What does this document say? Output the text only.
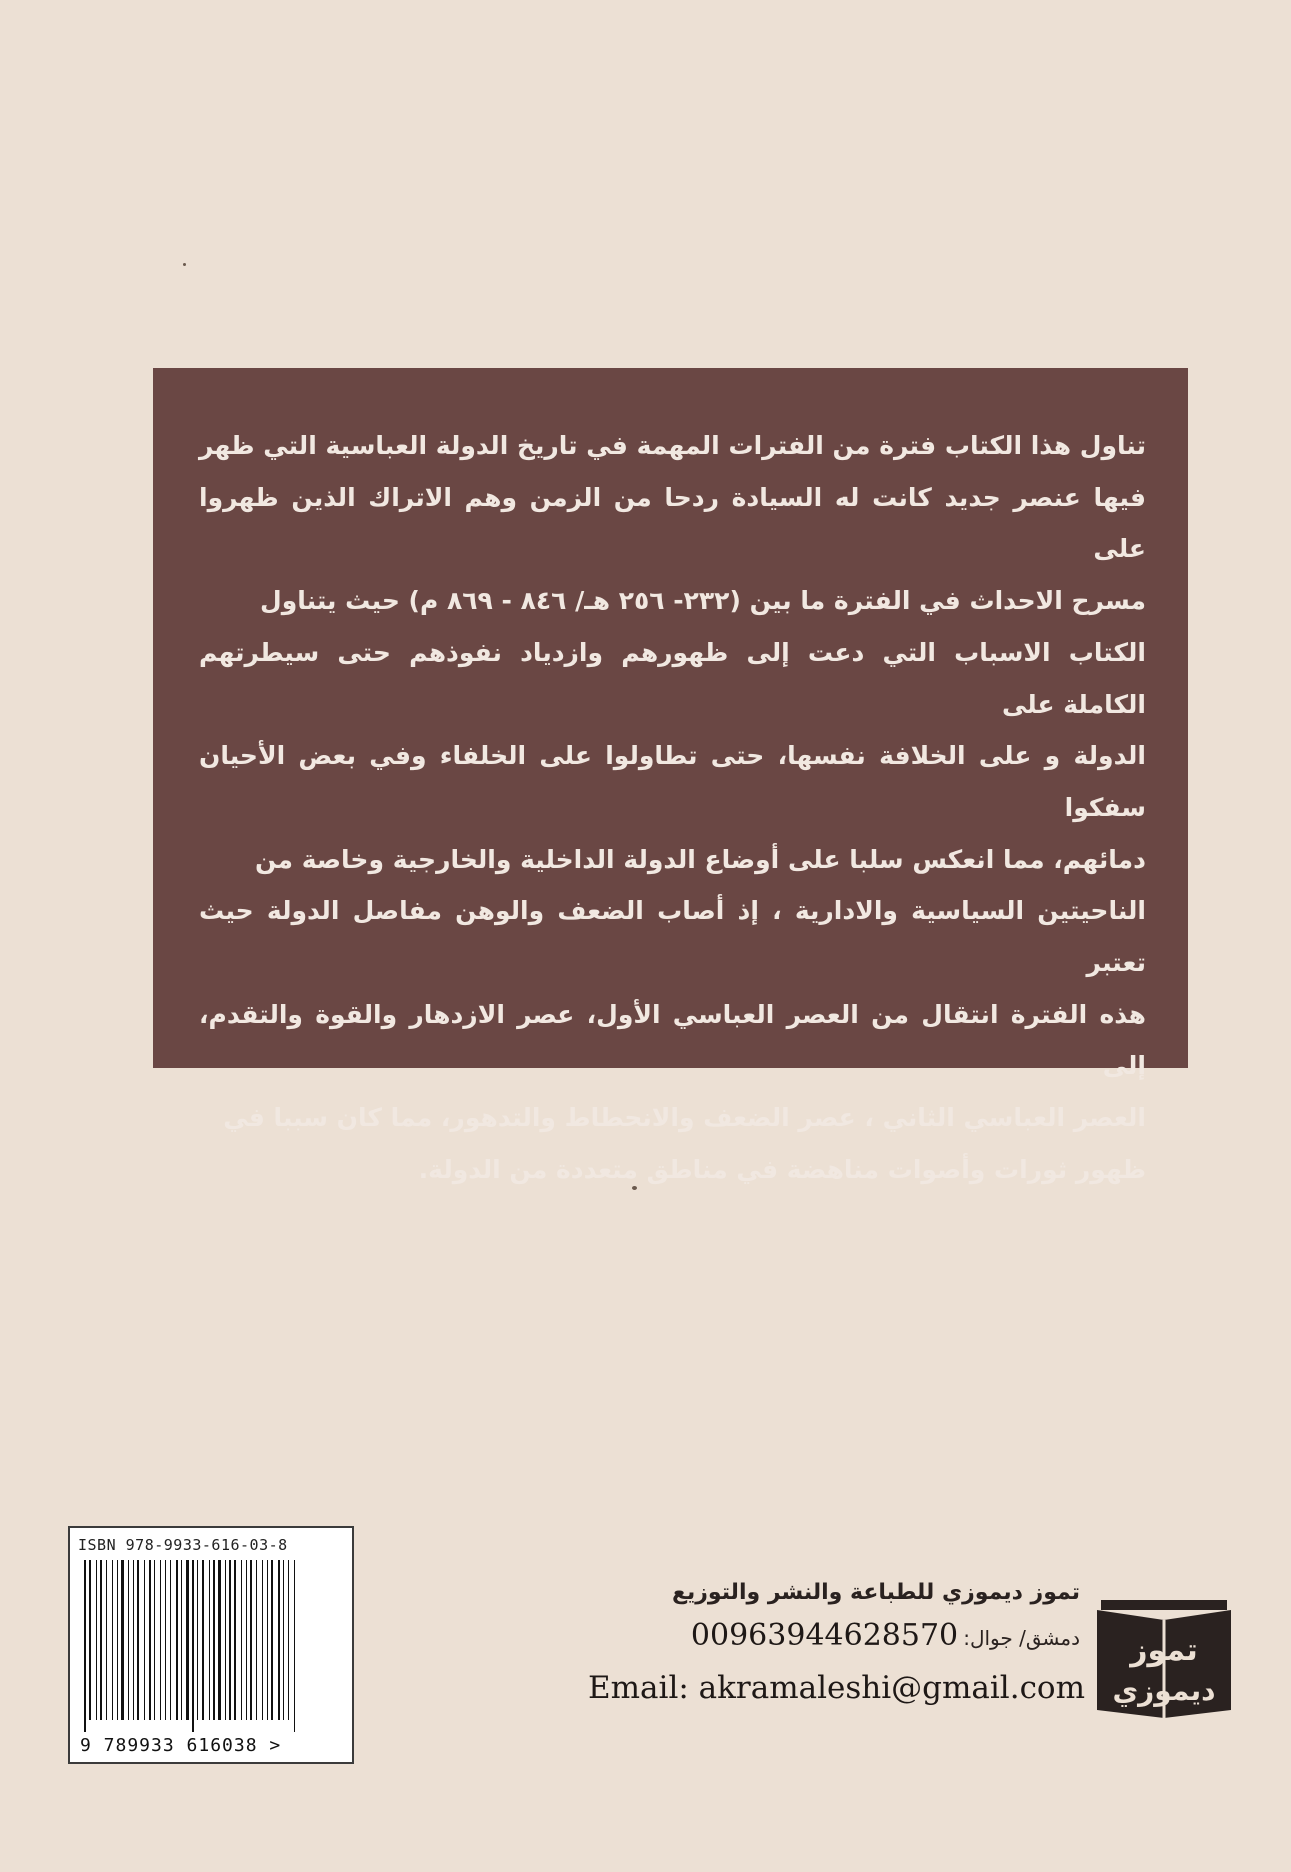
تناول هذا الكتاب فترة من الفترات المهمة في تاريخ الدولة العباسية التي ظهر

فيها عنصر جديد كانت له السيادة ردحا من الزمن وهم الاتراك الذين ظهروا على

مسرح الاحداث في الفترة ما بين (٢٣٢- ٢٥٦ هـ/ ٨٤٦ - ٨٦٩ م) حيث يتناول

الكتاب الاسباب التي دعت إلى ظهورهم وازدياد نفوذهم حتى سيطرتهم الكاملة على

الدولة و على الخلافة نفسها، حتى تطاولوا على الخلفاء وفي بعض الأحيان سفكوا

دمائهم، مما انعكس سلبا على أوضاع الدولة الداخلية والخارجية وخاصة من

الناحيتين السياسية والادارية ، إذ أصاب الضعف والوهن مفاصل الدولة حيث تعتبر

هذه الفترة انتقال من العصر العباسي الأول، عصر الازدهار والقوة والتقدم، إلى

العصر العباسي الثاني ، عصر الضعف والانحطاط والتدهور، مما كان سببا في

ظهور ثورات وأصوات مناهضة في مناطق متعددة من الدولة.

ISBN 978-9933-616-03-8
9 789933 616038 >
تموز ديموزي للطباعة والنشر والتوزيع
دمشق/ جوال: 00963944628570
Email: akramaleshi@gmail.com
تموز
ديموزي
